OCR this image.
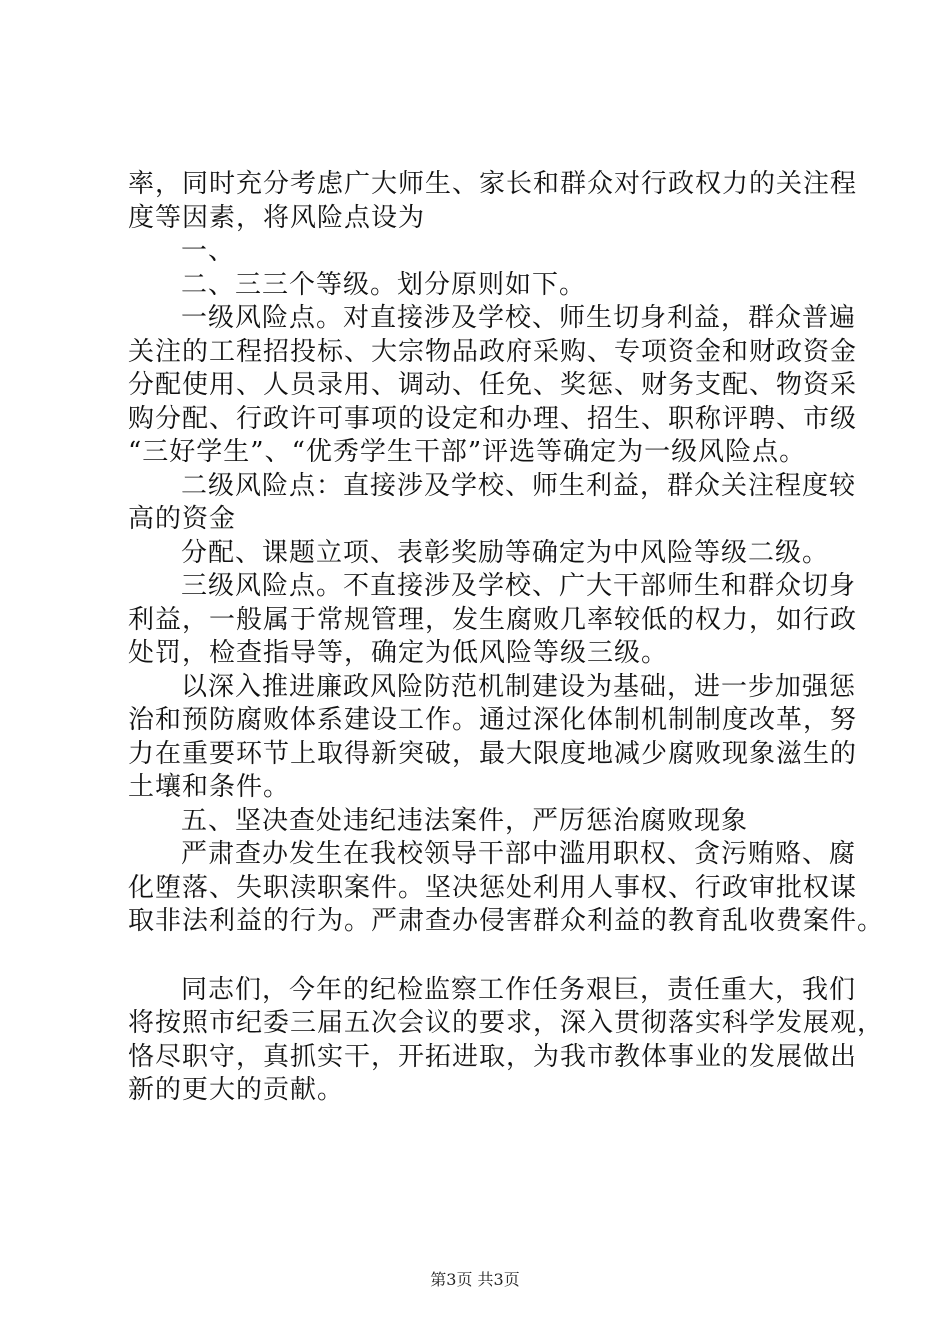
率，同时充分考虑广大师生、家长和群众对行政权力的关注程
度等因素，将风险点设为
一、
二、三三个等级。划分原则如下。
一级风险点。对直接涉及学校、师生切身利益，群众普遍
关注的工程招投标、大宗物品政府采购、专项资金和财政资金
分配使用、人员录用、调动、任免、奖惩、财务支配、物资采
购分配、行政许可事项的设定和办理、招生、职称评聘、市级
“三好学生”、“优秀学生干部”评选等确定为一级风险点。
二级风险点：直接涉及学校、师生利益，群众关注程度较
高的资金
分配、课题立项、表彰奖励等确定为中风险等级二级。
三级风险点。不直接涉及学校、广大干部师生和群众切身
利益，一般属于常规管理，发生腐败几率较低的权力，如行政
处罚，检查指导等，确定为低风险等级三级。
以深入推进廉政风险防范机制建设为基础，进一步加强惩
治和预防腐败体系建设工作。通过深化体制机制制度改革，努
力在重要环节上取得新突破，最大限度地减少腐败现象滋生的
土壤和条件。
五、坚决查处违纪违法案件，严厉惩治腐败现象
严肃查办发生在我校领导干部中滥用职权、贪污贿赂、腐
化堕落、失职渎职案件。坚决惩处利用人事权、行政审批权谋
取非法利益的行为。严肃查办侵害群众利益的教育乱收费案件。
同志们，今年的纪检监察工作任务艰巨，责任重大，我们
将按照市纪委三届五次会议的要求，深入贯彻落实科学发展观，
恪尽职守，真抓实干，开拓进取，为我市教体事业的发展做出
新的更大的贡献。
第3页 共3页
